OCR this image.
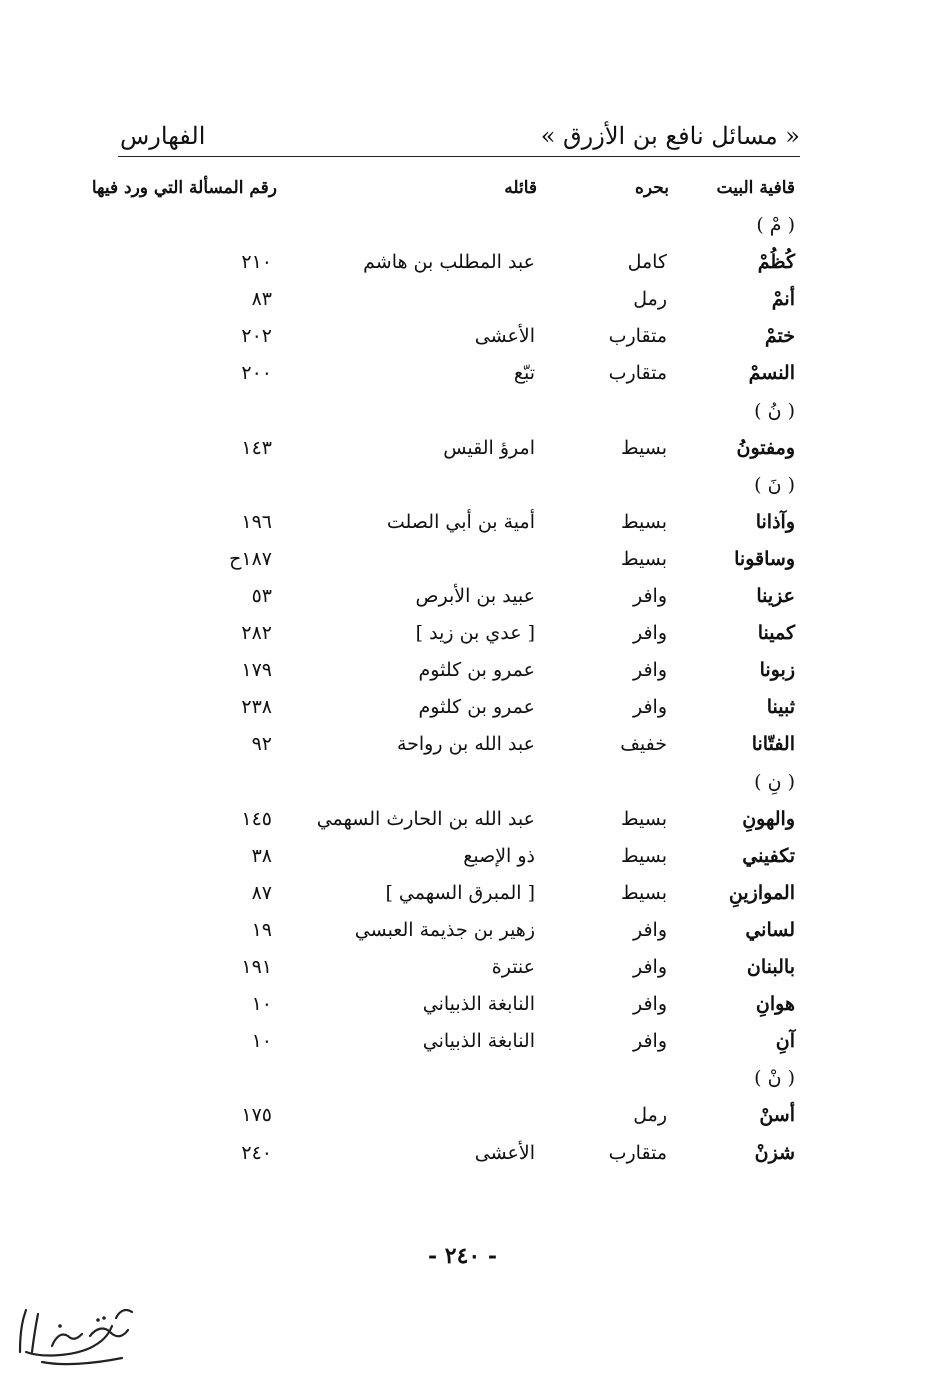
« مسائل نافع بن الأزرق »
الفهارس
قافية البيت
بحره
قائله
رقم المسألة التي ورد فيها
( مْ )
كُظُمْ
كامل
عبد المطلب بن هاشم
٢١٠
أنمْ
رمل
٨٣
ختمْ
متقارب
الأعشى
٢٠٢
النسمْ
متقارب
تبّع
٢٠٠
( نُ )
ومفتونُ
بسيط
امرؤ القيس
١٤٣
( نَ )
وآذانا
بسيط
أمية بن أبي الصلت
١٩٦
وساقونا
بسيط
١٨٧ح
عزينا
وافر
عبيد بن الأبرص
٥٣
كمينا
وافر
[ عدي بن زيد ]
٢٨٢
زبونا
وافر
عمرو بن كلثوم
١٧٩
ثبينا
وافر
عمرو بن كلثوم
٢٣٨
الفتّانا
خفيف
عبد الله بن رواحة
٩٢
( نِ )
والهونِ
بسيط
عبد الله بن الحارث السهمي
١٤٥
تكفيني
بسيط
ذو الإصبع
٣٨
الموازينِ
بسيط
[ المبرق السهمي ]
٨٧
لساني
وافر
زهير بن جذيمة العبسي
١٩
بالبنان
وافر
عنترة
١٩١
هوانِ
وافر
النابغة الذبياني
١٠
آنِ
وافر
النابغة الذبياني
١٠
( نْ )
أسنْ
رمل
١٧٥
شزنْ
متقارب
الأعشى
٢٤٠
- ٢٤٠ -
